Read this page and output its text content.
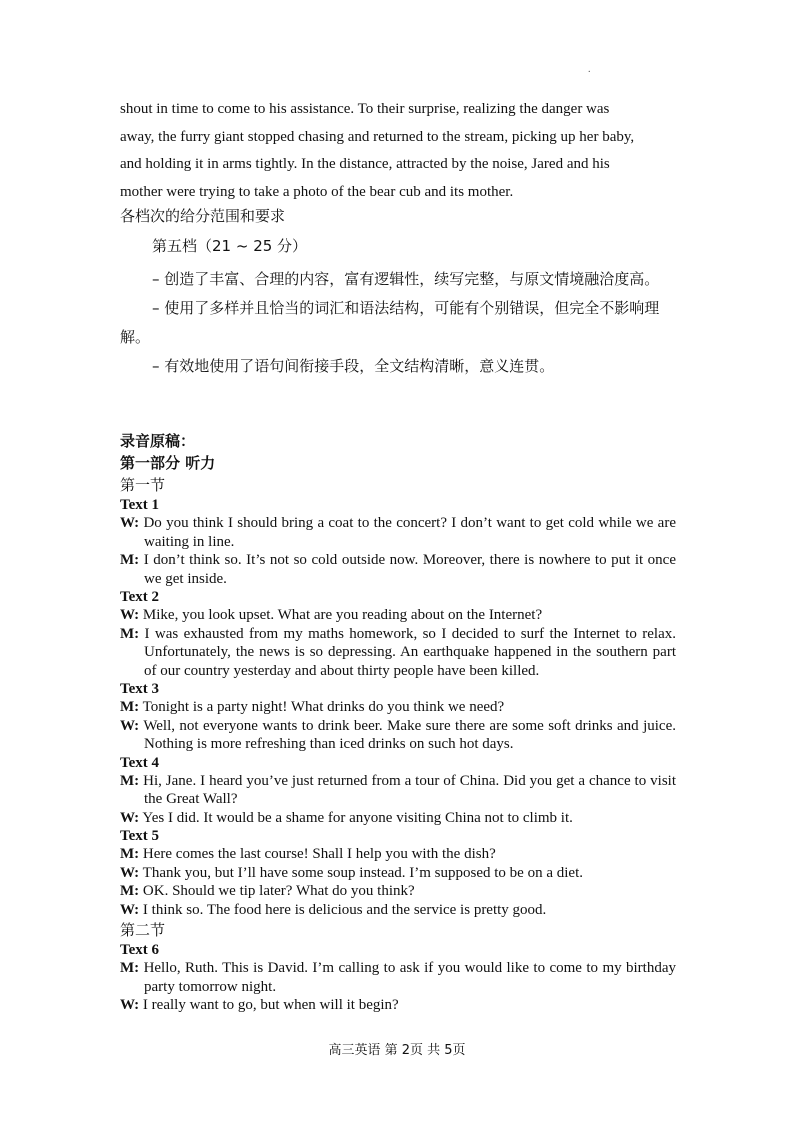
.

shout in time to come to his assistance. To their surprise, realizing the danger was

away, the furry giant stopped chasing and returned to the stream, picking up her baby,

and holding it in arms tightly. In the distance, attracted by the noise, Jared and his

mother were trying to take a photo of the bear cub and its mother.

各档次的给分范围和要求
第五档（21 ~ 25 分）

– 创造了丰富、合理的内容，富有逻辑性，续写完整，与原文情境融洽度高。

– 使用了多样并且恰当的词汇和语法结构，可能有个别错误，但完全不影响理解。

– 有效地使用了语句间衔接手段，全文结构清晰，意义连贯。

录音原稿：
第一部分 听力
第一节
Text 1
W: Do you think I should bring a coat to the concert? I don’t want to get cold while we are waiting in line.
M: I don’t think so. It’s not so cold outside now. Moreover, there is nowhere to put it once we get inside.
Text 2
W: Mike, you look upset. What are you reading about on the Internet?
M: I was exhausted from my maths homework, so I decided to surf the Internet to relax. Unfortunately, the news is so depressing. An earthquake happened in the southern part of our country yesterday and about thirty people have been killed.
Text 3
M: Tonight is a party night! What drinks do you think we need?
W: Well, not everyone wants to drink beer. Make sure there are some soft drinks and juice. Nothing is more refreshing than iced drinks on such hot days.
Text 4
M: Hi, Jane. I heard you’ve just returned from a tour of China. Did you get a chance to visit the Great Wall?
W: Yes I did. It would be a shame for anyone visiting China not to climb it.
Text 5
M: Here comes the last course! Shall I help you with the dish?
W: Thank you, but I’ll have some soup instead. I’m supposed to be on a diet.
M: OK. Should we tip later? What do you think?
W: I think so. The food here is delicious and the service is pretty good.
第二节
Text 6
M: Hello, Ruth. This is David. I’m calling to ask if you would like to come to my birthday party tomorrow night.
W: I really want to go, but when will it begin?
高三英语 第 2页 共 5页
